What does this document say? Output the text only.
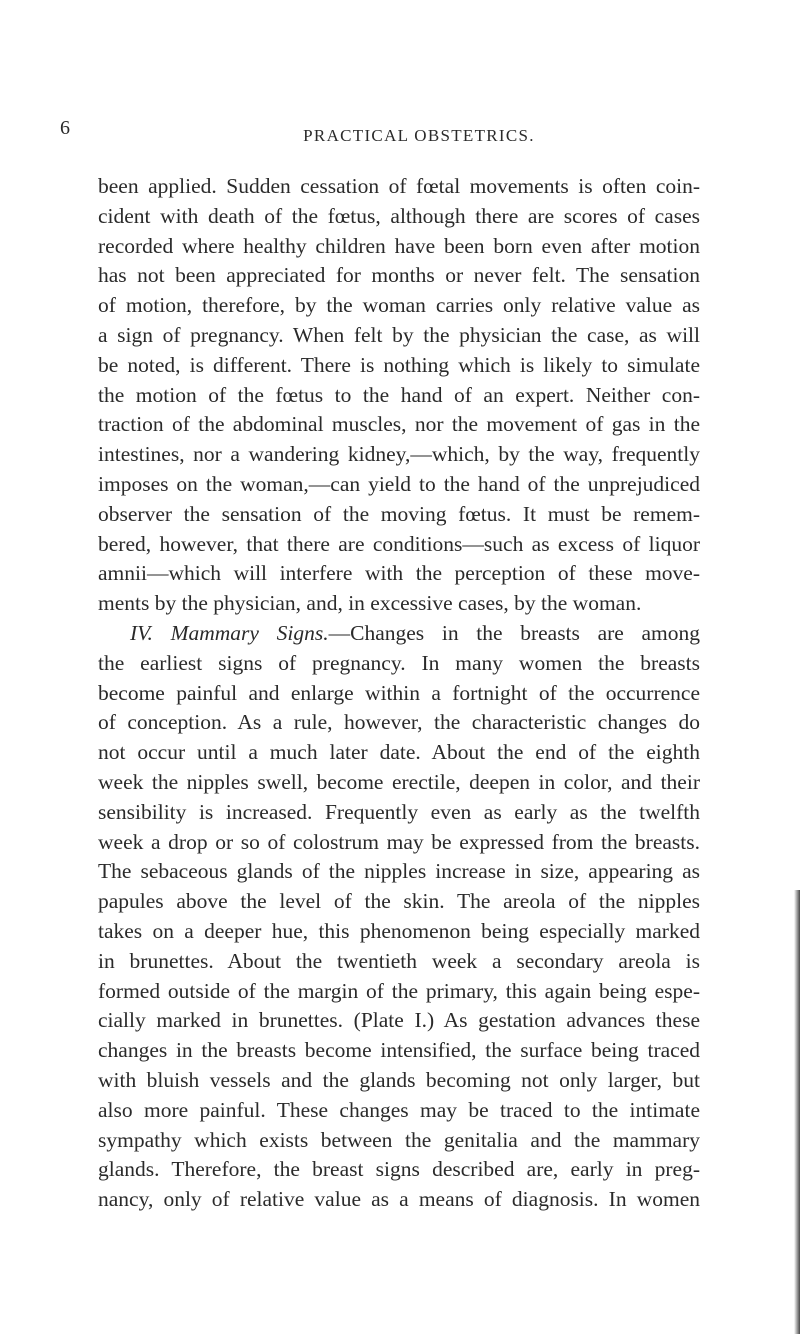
6	PRACTICAL OBSTETRICS.
been applied. Sudden cessation of fœtal movements is often coin-
cident with death of the fœtus, although there are scores of cases
recorded where healthy children have been born even after motion
has not been appreciated for months or never felt. The sensation
of motion, therefore, by the woman carries only relative value as
a sign of pregnancy. When felt by the physician the case, as will
be noted, is different. There is nothing which is likely to simulate
the motion of the fœtus to the hand of an expert. Neither con-
traction of the abdominal muscles, nor the movement of gas in the
intestines, nor a wandering kidney,—which, by the way, frequently
imposes on the woman,—can yield to the hand of the unprejudiced
observer the sensation of the moving fœtus. It must be remem-
bered, however, that there are conditions—such as excess of liquor
amnii—which will interfere with the perception of these move-
ments by the physician, and, in excessive cases, by the woman.
IV. Mammary Signs.—Changes in the breasts are among
the earliest signs of pregnancy. In many women the breasts
become painful and enlarge within a fortnight of the occurrence
of conception. As a rule, however, the characteristic changes do
not occur until a much later date. About the end of the eighth
week the nipples swell, become erectile, deepen in color, and their
sensibility is increased. Frequently even as early as the twelfth
week a drop or so of colostrum may be expressed from the breasts.
The sebaceous glands of the nipples increase in size, appearing as
papules above the level of the skin. The areola of the nipples
takes on a deeper hue, this phenomenon being especially marked
in brunettes. About the twentieth week a secondary areola is
formed outside of the margin of the primary, this again being espe-
cially marked in brunettes. (Plate I.) As gestation advances these
changes in the breasts become intensified, the surface being traced
with bluish vessels and the glands becoming not only larger, but
also more painful. These changes may be traced to the intimate
sympathy which exists between the genitalia and the mammary
glands. Therefore, the breast signs described are, early in preg-
nancy, only of relative value as a means of diagnosis. In women
